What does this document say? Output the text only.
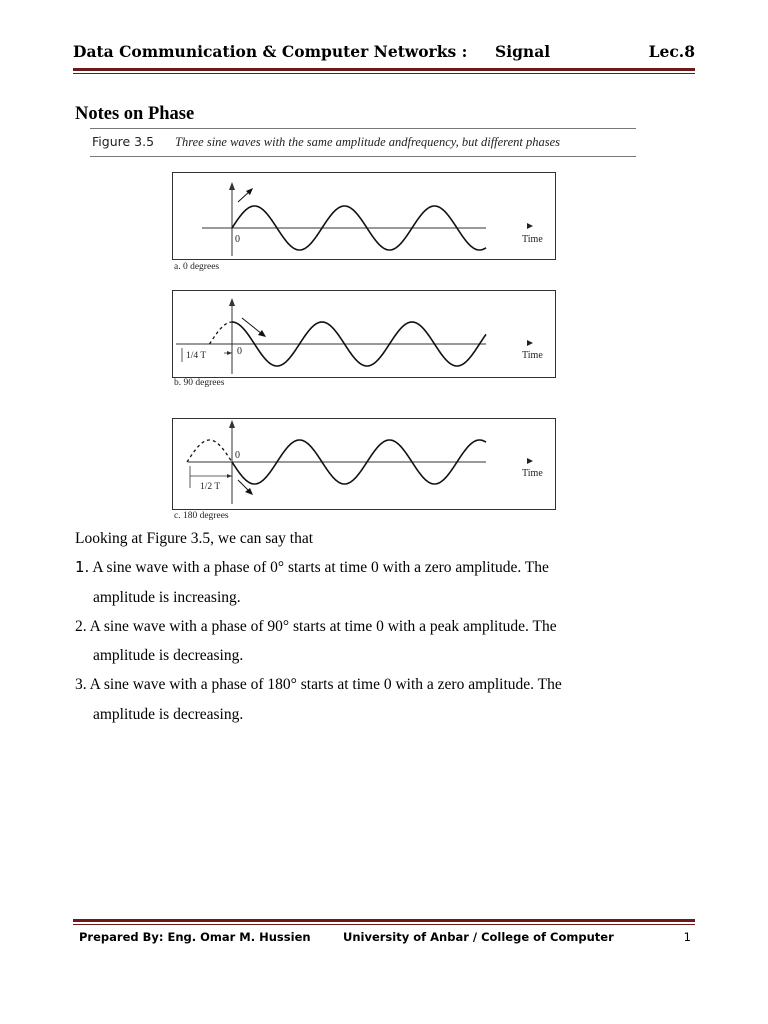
Data Communication & Computer Networks : Signal	Lec.8
Notes on Phase
Figure 3.5 Three sine waves with the same amplitude andfrequency, but different phases
0	Time
a. 0 degrees
1/4 T	0	Time
b. 90 degrees
1/2 T
0
Time
c. 180 degrees
Looking at Figure 3.5, we can say that
1. A sine wave with a phase of 0° starts at time 0 with a zero amplitude. The
amplitude is increasing.
2. A sine wave with a phase of 90° starts at time 0 with a peak amplitude. The
amplitude is decreasing.
3. A sine wave with a phase of 180° starts at time 0 with a zero amplitude. The
amplitude is decreasing.
Prepared By: Eng. Omar M. Hussien	University of Anbar / College of Computer	1
